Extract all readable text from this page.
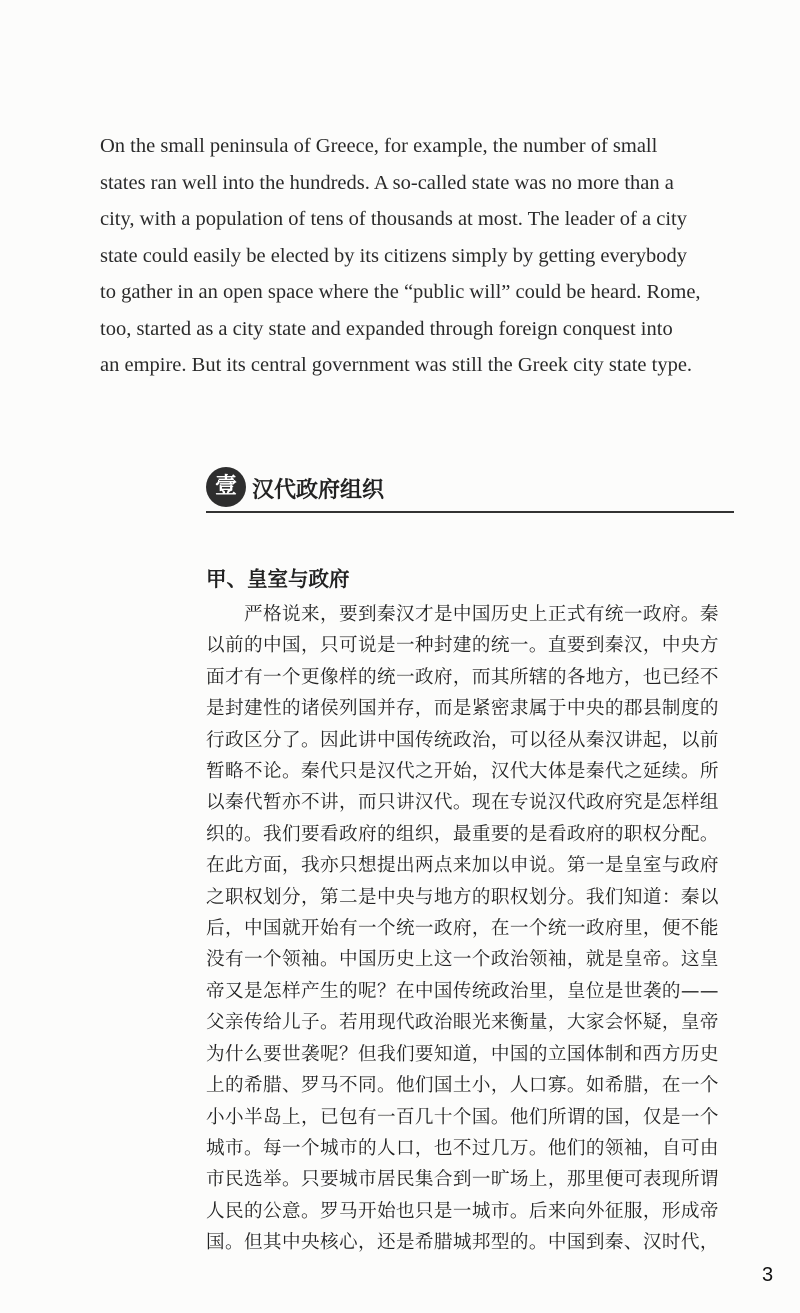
On the small peninsula of Greece, for example, the number of small
states ran well into the hundreds. A so-called state was no more than a
city, with a population of tens of thousands at most. The leader of a city
state could easily be elected by its citizens simply by getting everybody
to gather in an open space where the “public will” could be heard. Rome,
too, started as a city state and expanded through foreign conquest into
an empire. But its central government was still the Greek city state type.
壹 汉代政府组织
甲、皇室与政府
严格说来，要到秦汉才是中国历史上正式有统一政府。秦
以前的中国，只可说是一种封建的统一。直要到秦汉，中央方
面才有一个更像样的统一政府，而其所辖的各地方，也已经不
是封建性的诸侯列国并存，而是紧密隶属于中央的郡县制度的
行政区分了。因此讲中国传统政治，可以径从秦汉讲起，以前
暂略不论。秦代只是汉代之开始，汉代大体是秦代之延续。所
以秦代暂亦不讲，而只讲汉代。现在专说汉代政府究是怎样组
织的。我们要看政府的组织，最重要的是看政府的职权分配。
在此方面，我亦只想提出两点来加以申说。第一是皇室与政府
之职权划分，第二是中央与地方的职权划分。我们知道：秦以
后，中国就开始有一个统一政府，在一个统一政府里，便不能
没有一个领袖。中国历史上这一个政治领袖，就是皇帝。这皇
帝又是怎样产生的呢？在中国传统政治里，皇位是世袭的——
父亲传给儿子。若用现代政治眼光来衡量，大家会怀疑，皇帝
为什么要世袭呢？但我们要知道，中国的立国体制和西方历史
上的希腊、罗马不同。他们国土小，人口寡。如希腊，在一个
小小半岛上，已包有一百几十个国。他们所谓的国，仅是一个
城市。每一个城市的人口，也不过几万。他们的领袖，自可由
市民选举。只要城市居民集合到一旷场上，那里便可表现所谓
人民的公意。罗马开始也只是一城市。后来向外征服，形成帝
国。但其中央核心，还是希腊城邦型的。中国到秦、汉时代，
3
